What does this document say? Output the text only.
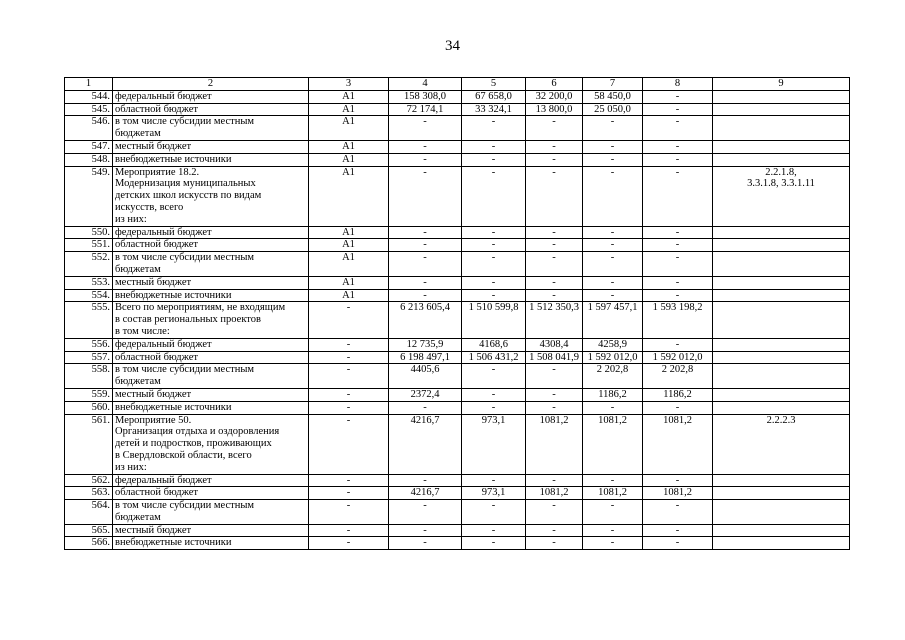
34
1	2	3	4	5	6	7	8	9
544.	федеральный бюджет	А1	158 308,0	67 658,0	32 200,0	58 450,0	-	
545.	областной бюджет	А1	72 174,1	33 324,1	13 800,0	25 050,0	-	
546.	в том числе субсидии местным
бюджетам	А1	-	-	-	-	-	
547.	местный бюджет	А1	-	-	-	-	-	
548.	внебюджетные источники	А1	-	-	-	-	-	
549.	Мероприятие 18.2.
Модернизация муниципальных
детских школ искусств по видам
искусств, всего
из них:	А1	-	-	-	-	-	2.2.1.8,
3.3.1.8, 3.3.1.11
550.	федеральный бюджет	А1	-	-	-	-	-	
551.	областной бюджет	А1	-	-	-	-	-	
552.	в том числе субсидии местным
бюджетам	А1	-	-	-	-	-	
553.	местный бюджет	А1	-	-	-	-	-	
554.	внебюджетные источники	А1	-	-	-	-	-	
555.	Всего по мероприятиям, не входящим
в состав региональных проектов
в том числе:	-	6 213 605,4	1 510 599,8	1 512 350,3	1 597 457,1	1 593 198,2	
556.	федеральный бюджет	-	12 735,9	4168,6	4308,4	4258,9	-	
557.	областной бюджет	-	6 198 497,1	1 506 431,2	1 508 041,9	1 592 012,0	1 592 012,0	
558.	в том числе субсидии местным
бюджетам	-	4405,6	-	-	2 202,8	2 202,8	
559.	местный бюджет	-	2372,4	-	-	1186,2	1186,2	
560.	внебюджетные источники	-	-	-	-	-	-	
561.	Мероприятие 50.
Организация отдыха и оздоровления
детей и подростков, проживающих
в Свердловской области, всего
из них:	-	4216,7	973,1	1081,2	1081,2	1081,2	2.2.2.3
562.	федеральный бюджет	-	-	-	-	-	-	
563.	областной бюджет	-	4216,7	973,1	1081,2	1081,2	1081,2	
564.	в том числе субсидии местным
бюджетам	-	-	-	-	-	-	
565.	местный бюджет	-	-	-	-	-	-	
566.	внебюджетные источники	-	-	-	-	-	-	
